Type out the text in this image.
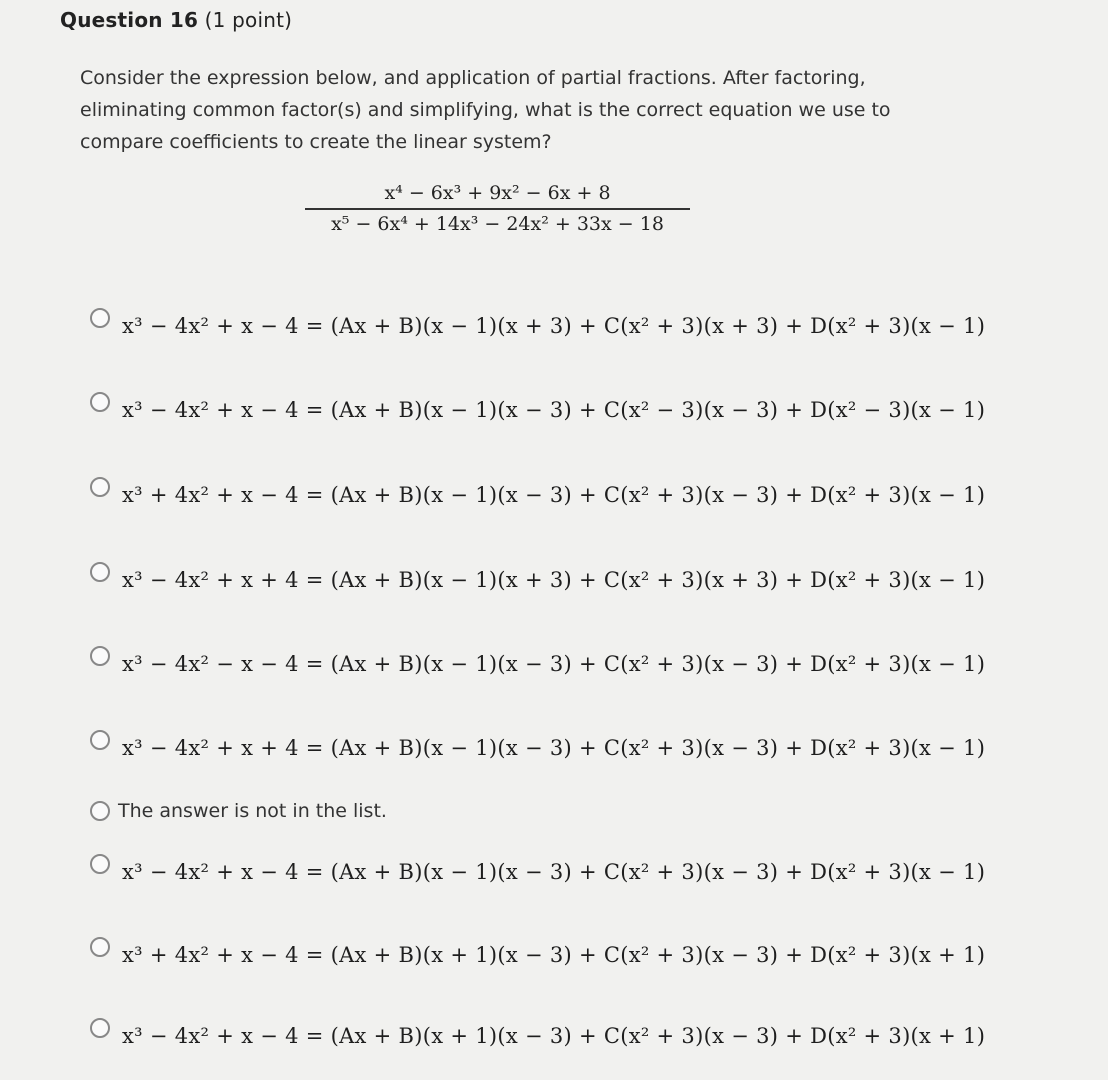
Question 16 (1 point)
Consider the expression below, and application of partial fractions. After factoring, eliminating common factor(s) and simplifying, what is the correct equation we use to compare coefficients to create the linear system?
$\frac{\text{x⁴ − 6x³ + 9x² − 6x + 8}}{\text{x⁵ − 6x⁴ + 14x³ − 24x² + 33x − 18}}$
x³ − 4x² + x − 4 = (Ax + B)(x − 1)(x + 3) + C(x² + 3)(x + 3) + D(x² + 3)(x − 1)
x³ − 4x² + x − 4 = (Ax + B)(x − 1)(x − 3) + C(x² − 3)(x − 3) + D(x² − 3)(x − 1)
x³ + 4x² + x − 4 = (Ax + B)(x − 1)(x − 3) + C(x² + 3)(x − 3) + D(x² + 3)(x − 1)
x³ − 4x² + x + 4 = (Ax + B)(x − 1)(x + 3) + C(x² + 3)(x + 3) + D(x² + 3)(x − 1)
x³ − 4x² − x − 4 = (Ax + B)(x − 1)(x − 3) + C(x² + 3)(x − 3) + D(x² + 3)(x − 1)
x³ − 4x² + x + 4 = (Ax + B)(x − 1)(x − 3) + C(x² + 3)(x − 3) + D(x² + 3)(x − 1)
The answer is not in the list.
x³ − 4x² + x − 4 = (Ax + B)(x − 1)(x − 3) + C(x² + 3)(x − 3) + D(x² + 3)(x − 1)
x³ + 4x² + x − 4 = (Ax + B)(x + 1)(x − 3) + C(x² + 3)(x − 3) + D(x² + 3)(x + 1)
x³ − 4x² + x − 4 = (Ax + B)(x + 1)(x − 3) + C(x² + 3)(x − 3) + D(x² + 3)(x + 1)
